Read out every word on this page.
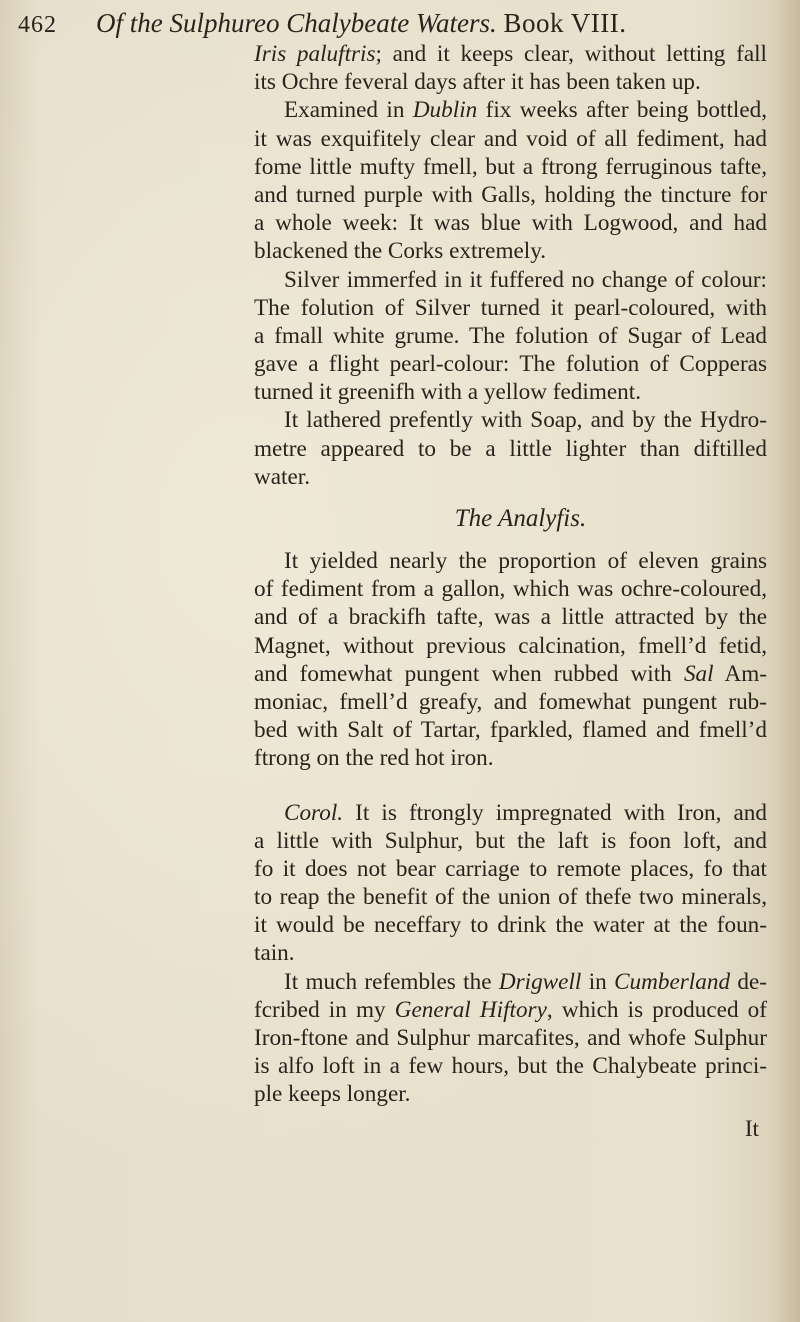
462 Of the Sulphureo Chalybeate Waters. Book VIII.
Iris paluftris; and it keeps clear, without letting fall
its Ochre feveral days after it has been taken up.
Examined in Dublin fix weeks after being bottled,
it was exquifitely clear and void of all fediment, had
fome little mufty fmell, but a ftrong ferruginous tafte,
and turned purple with Galls, holding the tincture for
a whole week: It was blue with Logwood, and had
blackened the Corks extremely.
Silver immerfed in it fuffered no change of colour:
The folution of Silver turned it pearl-coloured, with
a fmall white grume. The folution of Sugar of Lead
gave a flight pearl-colour: The folution of Copperas
turned it greenifh with a yellow fediment.
It lathered prefently with Soap, and by the Hydro-
metre appeared to be a little lighter than diftilled
water.
The Analyfis.
It yielded nearly the proportion of eleven grains
of fediment from a gallon, which was ochre-coloured,
and of a brackifh tafte, was a little attracted by the
Magnet, without previous calcination, fmell’d fetid,
and fomewhat pungent when rubbed with Sal Am-
moniac, fmell’d greafy, and fomewhat pungent rub-
bed with Salt of Tartar, fparkled, flamed and fmell’d
ftrong on the red hot iron.
Corol. It is ftrongly impregnated with Iron, and
a little with Sulphur, but the laft is foon loft, and
fo it does not bear carriage to remote places, fo that
to reap the benefit of the union of thefe two minerals,
it would be neceffary to drink the water at the foun-
tain.
It much refembles the Drigwell in Cumberland de-
fcribed in my General Hiftory, which is produced of
Iron-ftone and Sulphur marcafites, and whofe Sulphur
is alfo loft in a few hours, but the Chalybeate princi-
ple keeps longer.
It
